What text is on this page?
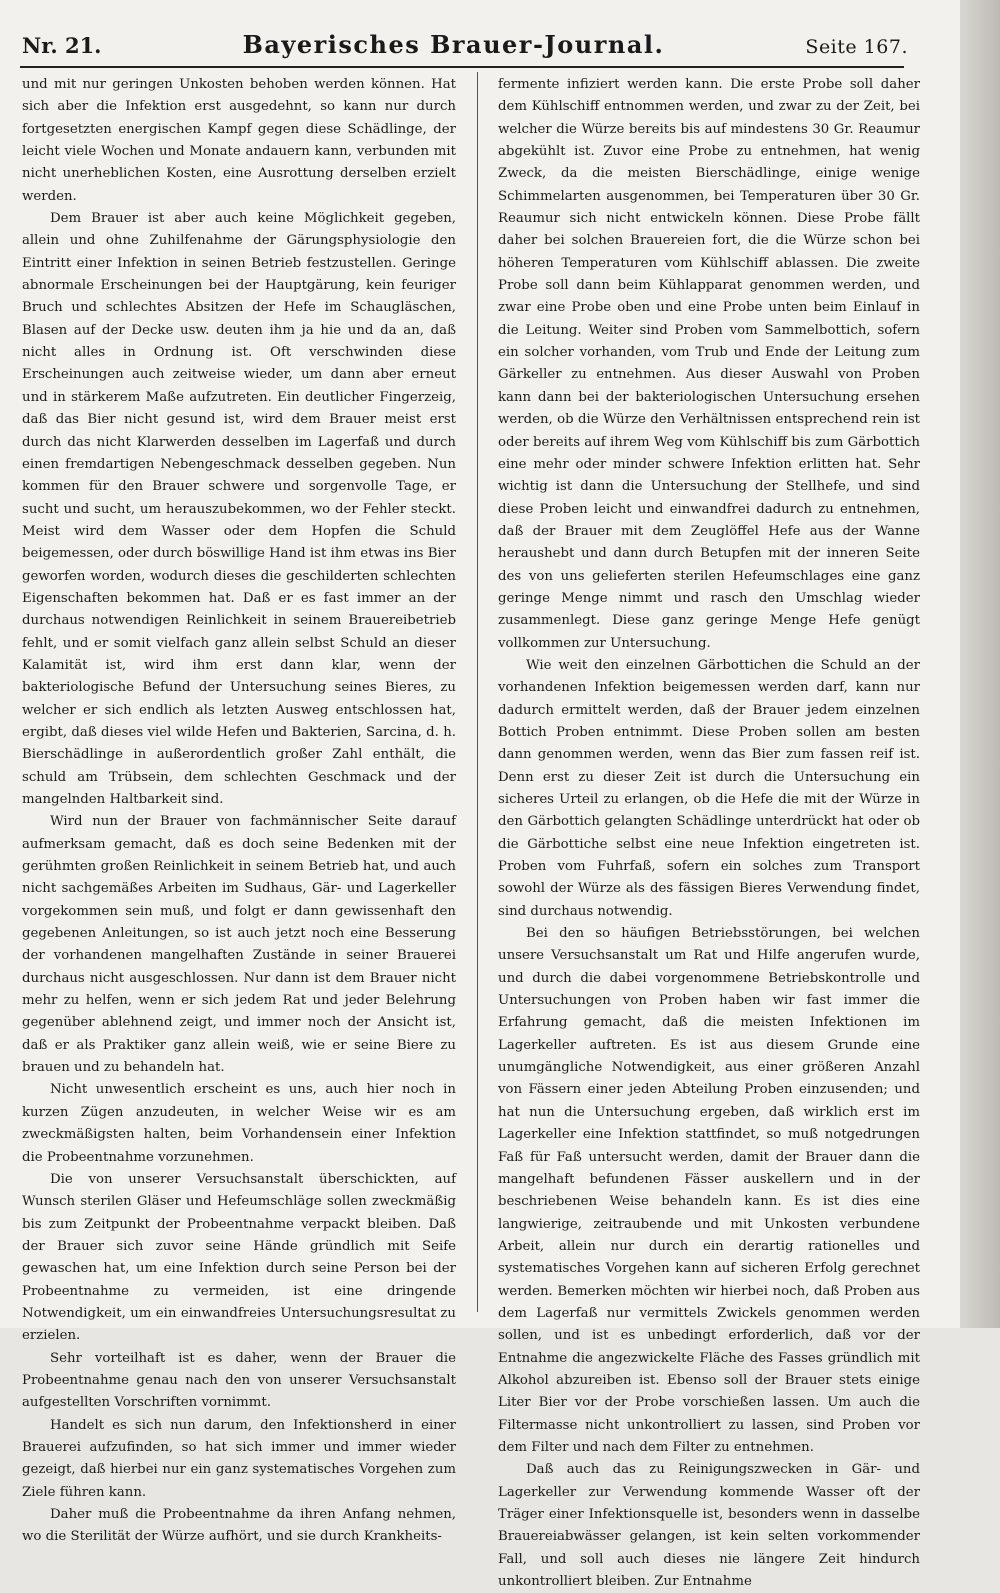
Nr. 21.	Bayerisches Brauer-Journal.	Seite 167.

und mit nur geringen Unkosten behoben werden können. Hat sich aber die Infektion erst ausgedehnt, so kann nur durch fortgesetzten energischen Kampf gegen diese Schädlinge, der leicht viele Wochen und Monate andauern kann, verbunden mit nicht unerheblichen Kosten, eine Ausrottung derselben erzielt werden.

Dem Brauer ist aber auch keine Möglichkeit gegeben, allein und ohne Zuhilfenahme der Gärungsphysiologie den Eintritt einer Infektion in seinen Betrieb festzustellen. Geringe abnormale Erscheinungen bei der Hauptgärung, kein feuriger Bruch und schlechtes Absitzen der Hefe im Schaugläschen, Blasen auf der Decke usw. deuten ihm ja hie und da an, daß nicht alles in Ordnung ist. Oft verschwinden diese Erscheinungen auch zeitweise wieder, um dann aber erneut und in stärkerem Maße aufzutreten. Ein deutlicher Fingerzeig, daß das Bier nicht gesund ist, wird dem Brauer meist erst durch das nicht Klarwerden desselben im Lagerfaß und durch einen fremdartigen Nebengeschmack desselben gegeben. Nun kommen für den Brauer schwere und sorgenvolle Tage, er sucht und sucht, um herauszubekommen, wo der Fehler steckt. Meist wird dem Wasser oder dem Hopfen die Schuld beigemessen, oder durch böswillige Hand ist ihm etwas ins Bier geworfen worden, wodurch dieses die geschilderten schlechten Eigenschaften bekommen hat. Daß er es fast immer an der durchaus notwendigen Reinlichkeit in seinem Brauereibetrieb fehlt, und er somit vielfach ganz allein selbst Schuld an dieser Kalamität ist, wird ihm erst dann klar, wenn der bakteriologische Befund der Untersuchung seines Bieres, zu welcher er sich endlich als letzten Ausweg entschlossen hat, ergibt, daß dieses viel wilde Hefen und Bakterien, Sarcina, d. h. Bierschädlinge in außerordentlich großer Zahl enthält, die schuld am Trübsein, dem schlechten Geschmack und der mangelnden Haltbarkeit sind.

Wird nun der Brauer von fachmännischer Seite darauf aufmerksam gemacht, daß es doch seine Bedenken mit der gerühmten großen Reinlichkeit in seinem Betrieb hat, und auch nicht sachgemäßes Arbeiten im Sudhaus, Gär- und Lagerkeller vorgekommen sein muß, und folgt er dann gewissenhaft den gegebenen Anleitungen, so ist auch jetzt noch eine Besserung der vorhandenen mangelhaften Zustände in seiner Brauerei durchaus nicht ausgeschlossen. Nur dann ist dem Brauer nicht mehr zu helfen, wenn er sich jedem Rat und jeder Belehrung gegenüber ablehnend zeigt, und immer noch der Ansicht ist, daß er als Praktiker ganz allein weiß, wie er seine Biere zu brauen und zu behandeln hat.

Nicht unwesentlich erscheint es uns, auch hier noch in kurzen Zügen anzudeuten, in welcher Weise wir es am zweckmäßigsten halten, beim Vorhandensein einer Infektion die Probeentnahme vorzunehmen.

Die von unserer Versuchsanstalt überschickten, auf Wunsch sterilen Gläser und Hefeumschläge sollen zweckmäßig bis zum Zeitpunkt der Probeentnahme verpackt bleiben. Daß der Brauer sich zuvor seine Hände gründlich mit Seife gewaschen hat, um eine Infektion durch seine Person bei der Probeentnahme zu vermeiden, ist eine dringende Notwendigkeit, um ein einwandfreies Untersuchungsresultat zu erzielen.

Sehr vorteilhaft ist es daher, wenn der Brauer die Probeentnahme genau nach den von unserer Versuchsanstalt aufgestellten Vorschriften vornimmt.

Handelt es sich nun darum, den Infektionsherd in einer Brauerei aufzufinden, so hat sich immer und immer wieder gezeigt, daß hierbei nur ein ganz systematisches Vorgehen zum Ziele führen kann.

Daher muß die Probeentnahme da ihren Anfang nehmen, wo die Sterilität der Würze aufhört, und sie durch Krankheits-

fermente infiziert werden kann. Die erste Probe soll daher dem Kühlschiff entnommen werden, und zwar zu der Zeit, bei welcher die Würze bereits bis auf mindestens 30 Gr. Reaumur abgekühlt ist. Zuvor eine Probe zu entnehmen, hat wenig Zweck, da die meisten Bierschädlinge, einige wenige Schimmelarten ausgenommen, bei Temperaturen über 30 Gr. Reaumur sich nicht entwickeln können. Diese Probe fällt daher bei solchen Brauereien fort, die die Würze schon bei höheren Temperaturen vom Kühlschiff ablassen. Die zweite Probe soll dann beim Kühlapparat genommen werden, und zwar eine Probe oben und eine Probe unten beim Einlauf in die Leitung. Weiter sind Proben vom Sammelbottich, sofern ein solcher vorhanden, vom Trub und Ende der Leitung zum Gärkeller zu entnehmen. Aus dieser Auswahl von Proben kann dann bei der bakteriologischen Untersuchung ersehen werden, ob die Würze den Verhältnissen entsprechend rein ist oder bereits auf ihrem Weg vom Kühlschiff bis zum Gärbottich eine mehr oder minder schwere Infektion erlitten hat. Sehr wichtig ist dann die Untersuchung der Stellhefe, und sind diese Proben leicht und einwandfrei dadurch zu entnehmen, daß der Brauer mit dem Zeuglöffel Hefe aus der Wanne heraushebt und dann durch Betupfen mit der inneren Seite des von uns gelieferten sterilen Hefeumschlages eine ganz geringe Menge nimmt und rasch den Umschlag wieder zusammenlegt. Diese ganz geringe Menge Hefe genügt vollkommen zur Untersuchung.

Wie weit den einzelnen Gärbottichen die Schuld an der vorhandenen Infektion beigemessen werden darf, kann nur dadurch ermittelt werden, daß der Brauer jedem einzelnen Bottich Proben entnimmt. Diese Proben sollen am besten dann genommen werden, wenn das Bier zum fassen reif ist. Denn erst zu dieser Zeit ist durch die Untersuchung ein sicheres Urteil zu erlangen, ob die Hefe die mit der Würze in den Gärbottich gelangten Schädlinge unterdrückt hat oder ob die Gärbottiche selbst eine neue Infektion eingetreten ist. Proben vom Fuhrfaß, sofern ein solches zum Transport sowohl der Würze als des fässigen Bieres Verwendung findet, sind durchaus notwendig.

Bei den so häufigen Betriebsstörungen, bei welchen unsere Versuchsanstalt um Rat und Hilfe angerufen wurde, und durch die dabei vorgenommene Betriebskontrolle und Untersuchungen von Proben haben wir fast immer die Erfahrung gemacht, daß die meisten Infektionen im Lagerkeller auftreten. Es ist aus diesem Grunde eine unumgängliche Notwendigkeit, aus einer größeren Anzahl von Fässern einer jeden Abteilung Proben einzusenden; und hat nun die Untersuchung ergeben, daß wirklich erst im Lagerkeller eine Infektion stattfindet, so muß notgedrungen Faß für Faß untersucht werden, damit der Brauer dann die mangelhaft befundenen Fässer auskellern und in der beschriebenen Weise behandeln kann. Es ist dies eine langwierige, zeitraubende und mit Unkosten verbundene Arbeit, allein nur durch ein derartig rationelles und systematisches Vorgehen kann auf sicheren Erfolg gerechnet werden. Bemerken möchten wir hierbei noch, daß Proben aus dem Lagerfaß nur vermittels Zwickels genommen werden sollen, und ist es unbedingt erforderlich, daß vor der Entnahme die angezwickelte Fläche des Fasses gründlich mit Alkohol abzureiben ist. Ebenso soll der Brauer stets einige Liter Bier vor der Probe vorschießen lassen. Um auch die Filtermasse nicht unkontrolliert zu lassen, sind Proben vor dem Filter und nach dem Filter zu entnehmen.

Daß auch das zu Reinigungszwecken in Gär- und Lagerkeller zur Verwendung kommende Wasser oft der Träger einer Infektionsquelle ist, besonders wenn in dasselbe Brauereiabwässer gelangen, ist kein selten vorkommender Fall, und soll auch dieses nie längere Zeit hindurch unkontrolliert bleiben. Zur Entnahme
